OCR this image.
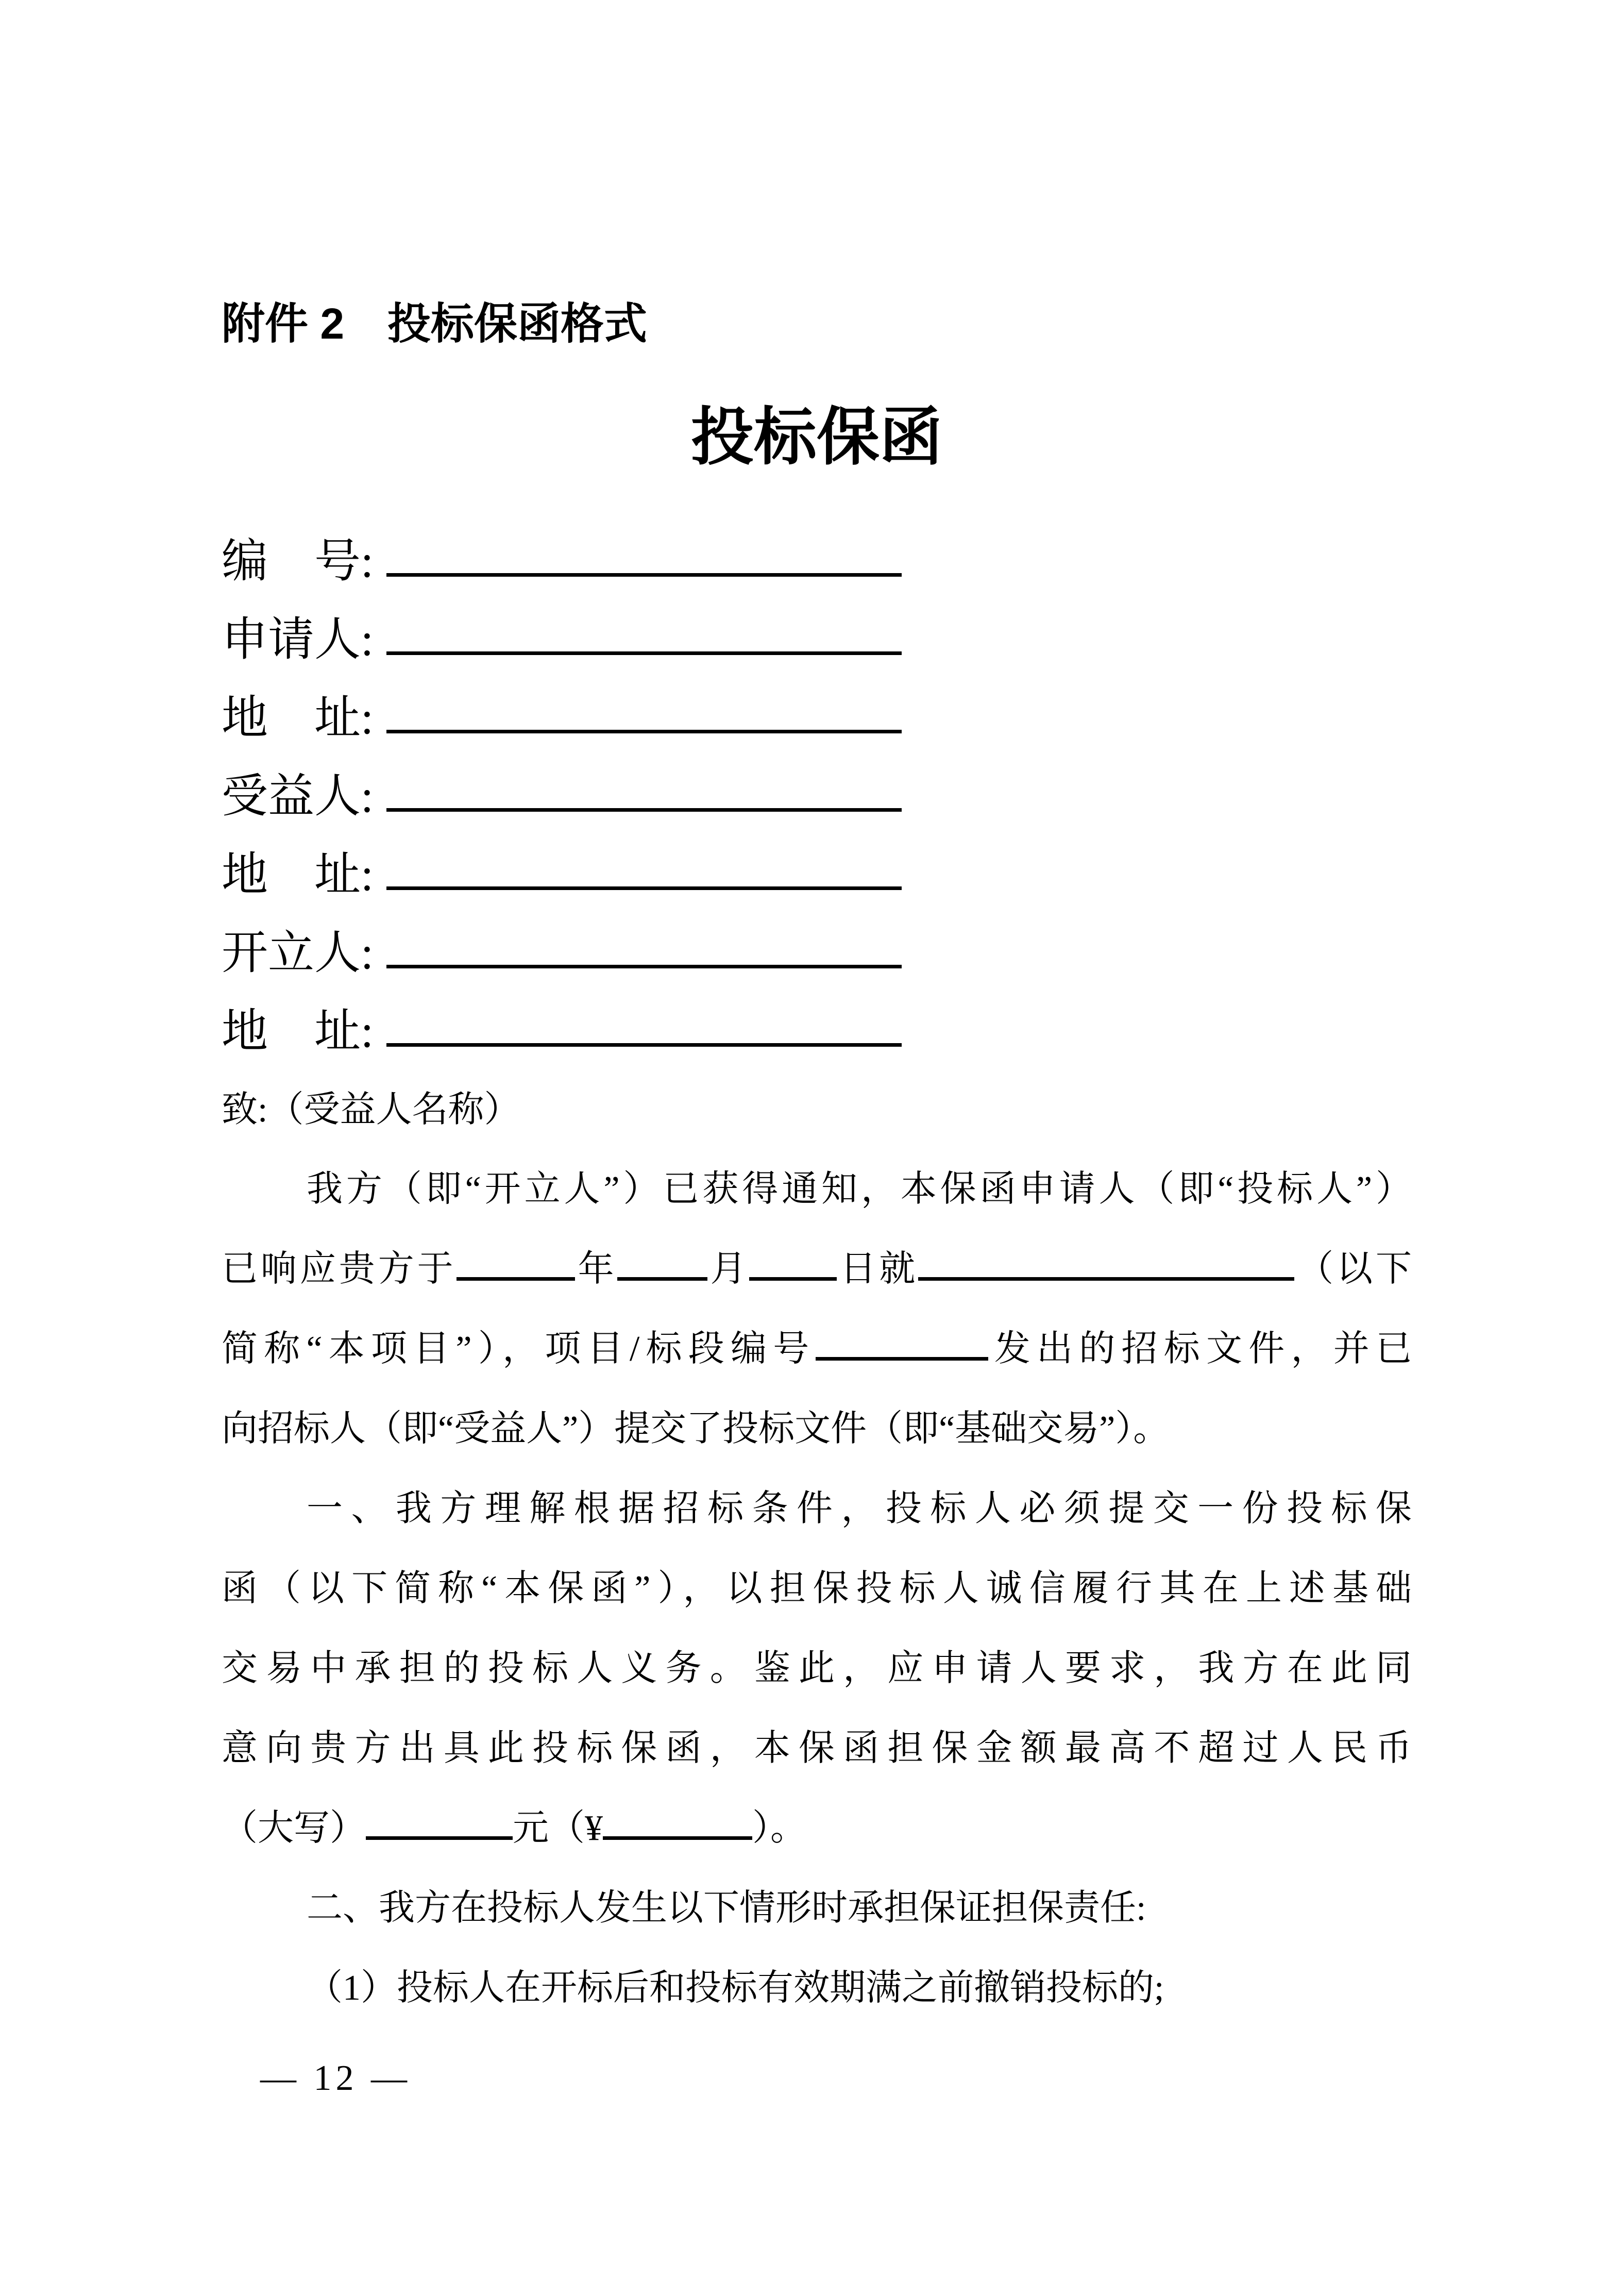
附件 2　投标保函格式
投标保函
编　号:
申请人:
地　址:
受益人:
地　址:
开立人:
地　址:
致:（受益人名称）
我方（即“开立人”）已获得通知，本保函申请人（即“投标人”）
已响应贵方于	年	月 日就	（以下
简称“本项目”），项目/标段编号	发出的招标文件，并已
向招标人（即“受益人”）提交了投标文件（即“基础交易”）。
一、我方理解根据招标条件，投标人必须提交一份投标保
函（以下简称“本保函”），以担保投标人诚信履行其在上述基础
交易中承担的投标人义务。鉴此，应申请人要求，我方在此同
意向贵方出具此投标保函，本保函担保金额最高不超过人民币
（大写）	元（¥	）。
二、我方在投标人发生以下情形时承担保证担保责任:
（1）投标人在开标后和投标有效期满之前撤销投标的;
— 12 —
